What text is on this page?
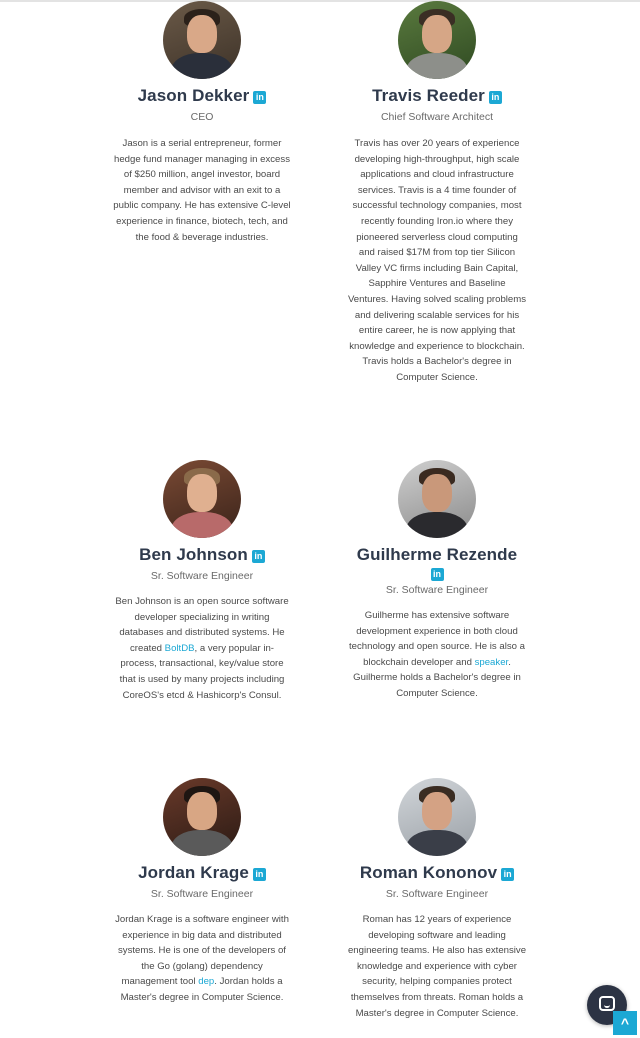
Jason Dekker in
CEO
Jason is a serial entrepreneur, former hedge fund manager managing in excess of $250 million, angel investor, board member and advisor with an exit to a public company. He has extensive C-level experience in finance, biotech, tech, and the food & beverage industries.
Travis Reeder in
Chief Software Architect
Travis has over 20 years of experience developing high-throughput, high scale applications and cloud infrastructure services. Travis is a 4 time founder of successful technology companies, most recently founding Iron.io where they pioneered serverless cloud computing and raised $17M from top tier Silicon Valley VC firms including Bain Capital, Sapphire Ventures and Baseline Ventures. Having solved scaling problems and delivering scalable services for his entire career, he is now applying that knowledge and experience to blockchain. Travis holds a Bachelor's degree in Computer Science.
Ben Johnson in
Sr. Software Engineer
Ben Johnson is an open source software developer specializing in writing databases and distributed systems. He created BoltDB, a very popular in-process, transactional, key/value store that is used by many projects including CoreOS's etcd & Hashicorp's Consul.
Guilherme Rezende
in
Sr. Software Engineer
Guilherme has extensive software development experience in both cloud technology and open source. He is also a blockchain developer and speaker. Guilherme holds a Bachelor's degree in Computer Science.
Jordan Krage in
Sr. Software Engineer
Jordan Krage is a software engineer with experience in big data and distributed systems. He is one of the developers of the Go (golang) dependency management tool dep. Jordan holds a Master's degree in Computer Science.
Roman Kononov in
Sr. Software Engineer
Roman has 12 years of experience developing software and leading engineering teams. He also has extensive knowledge and experience with cyber security, helping companies protect themselves from threats. Roman holds a Master's degree in Computer Science.
^
